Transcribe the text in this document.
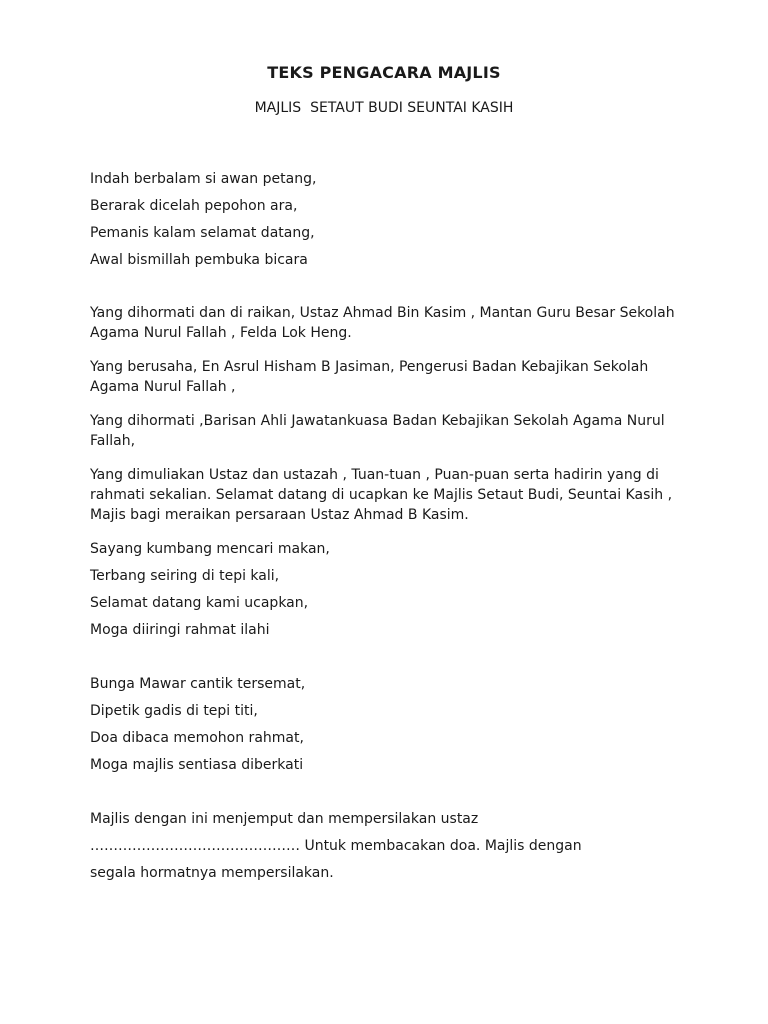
TEKS PENGACARA MAJLIS
MAJLIS  SETAUT BUDI SEUNTAI KASIH
Indah berbalam si awan petang,
Berarak dicelah pepohon ara,
Pemanis kalam selamat datang,
Awal bismillah pembuka bicara

Yang dihormati dan di raikan, Ustaz Ahmad Bin Kasim , Mantan Guru Besar Sekolah Agama Nurul Fallah , Felda Lok Heng.

Yang berusaha, En Asrul Hisham B Jasiman, Pengerusi Badan Kebajikan Sekolah Agama Nurul Fallah ,

Yang dihormati ,Barisan Ahli Jawatankuasa Badan Kebajikan Sekolah Agama Nurul Fallah,

Yang dimuliakan Ustaz dan ustazah , Tuan-tuan , Puan-puan serta hadirin yang di rahmati sekalian. Selamat datang di ucapkan ke Majlis Setaut Budi, Seuntai Kasih , Majis bagi meraikan persaraan Ustaz Ahmad B Kasim.

Sayang kumbang mencari makan,
Terbang seiring di tepi kali,
Selamat datang kami ucapkan,
Moga diiringi rahmat ilahi
Bunga Mawar cantik tersemat,
Dipetik gadis di tepi titi,
Doa dibaca memohon rahmat,
Moga majlis sentiasa diberkati
Majlis dengan ini menjemput dan mempersilakan ustaz
……………………………………… Untuk membacakan doa. Majlis dengan
segala hormatnya mempersilakan.
